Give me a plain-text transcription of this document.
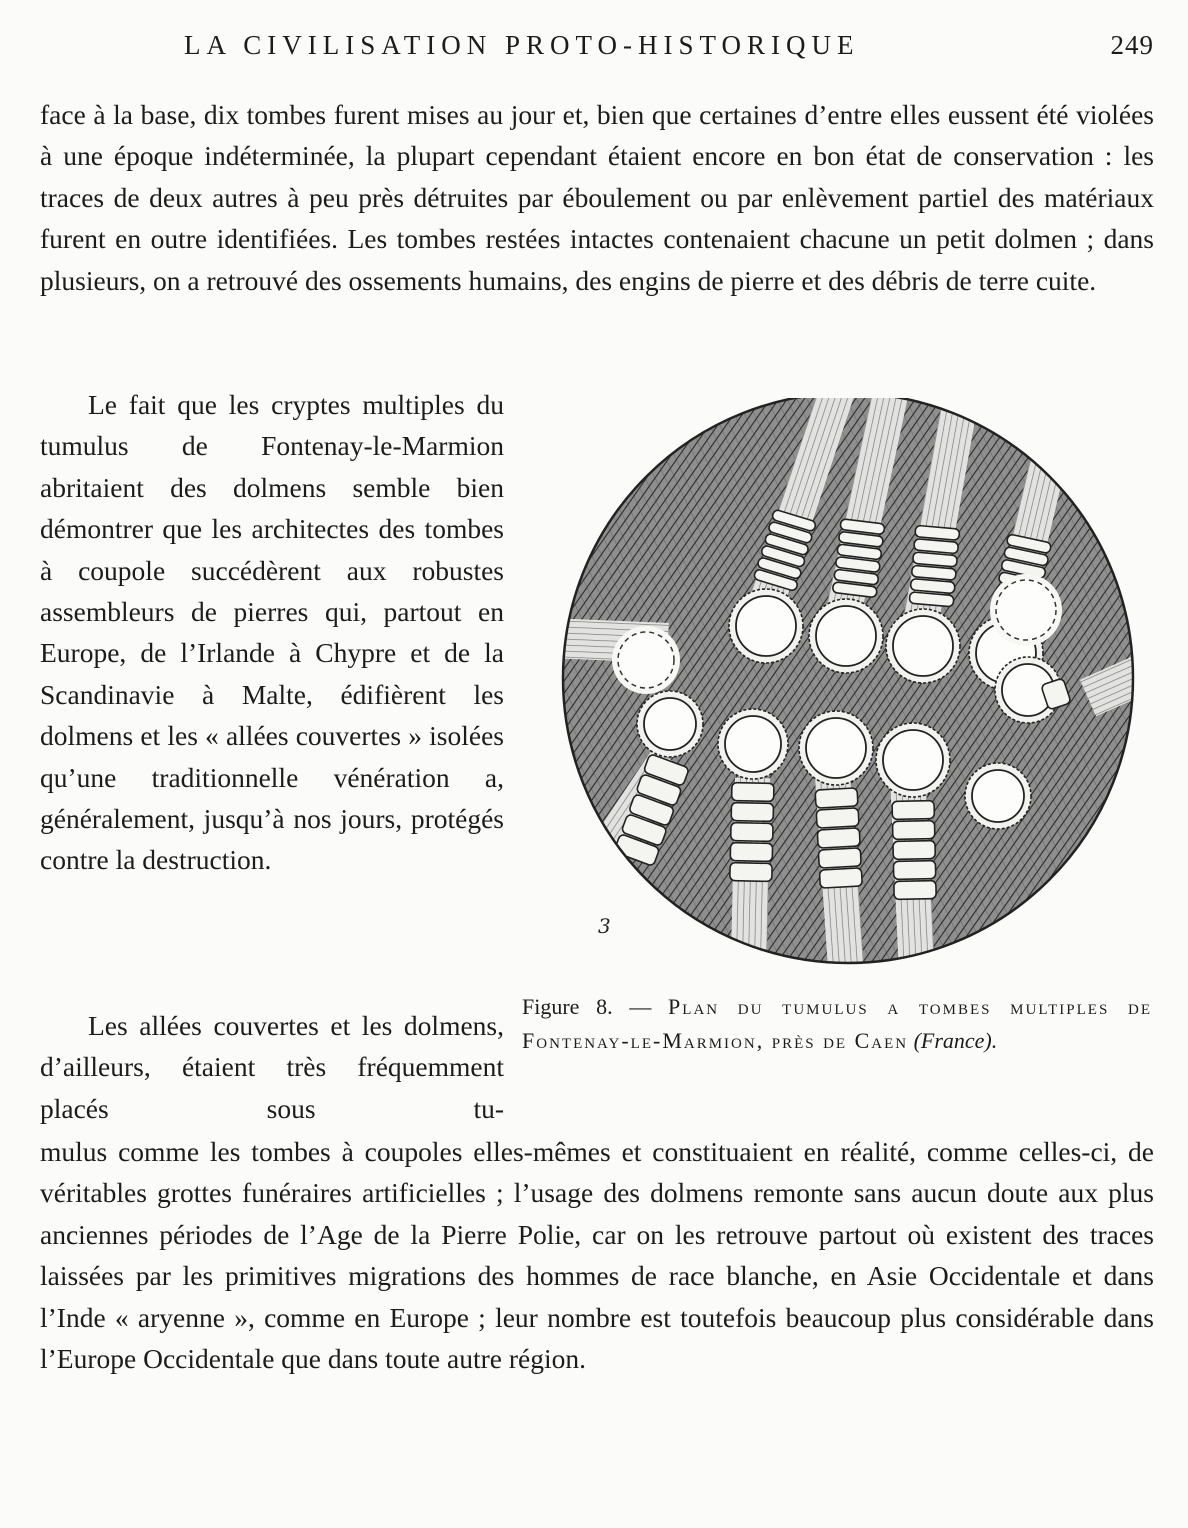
LA CIVILISATION PROTO-HISTORIQUE	249

face à la base, dix tombes furent mises au jour et, bien que certaines d’entre elles eussent été violées à une époque indéterminée, la plupart cependant étaient encore en bon état de conservation : les traces de deux autres à peu près détruites par éboulement ou par enlèvement partiel des matériaux furent en outre identifiées. Les tombes restées intactes contenaient chacune un petit dolmen ; dans plusieurs, on a retrouvé des ossements humains, des engins de pierre et des débris de terre cuite.

Le fait que les cryptes multiples du tumulus de Fontenay-le-Marmion abritaient des dolmens semble bien démontrer que les architectes des tombes à coupole succédèrent aux robustes assembleurs de pierres qui, partout en Europe, de l’Irlande à Chypre et de la Scandinavie à Malte, édifièrent les dolmens et les « allées couvertes » isolées qu’une traditionnelle vénération a, généralement, jusqu’à nos jours, protégés contre la destruction.

Les allées couvertes et les dolmens, d’ailleurs, étaient très fréquemment placés sous tu-

mulus comme les tombes à coupoles elles-mêmes et constituaient en réalité, comme celles-ci, de véritables grottes funéraires artificielles ; l’usage des dolmens remonte sans aucun doute aux plus anciennes périodes de l’Age de la Pierre Polie, car on les retrouve partout où existent des traces laissées par les primitives migrations des hommes de race blanche, en Asie Occidentale et dans l’Inde « aryenne », comme en Europe ; leur nombre est toutefois beaucoup plus considérable dans l’Europe Occidentale que dans toute autre région.

3
Figure 8. — Plan du tumulus a tombes multiples de Fontenay-le-Marmion, près de Caen (France).
